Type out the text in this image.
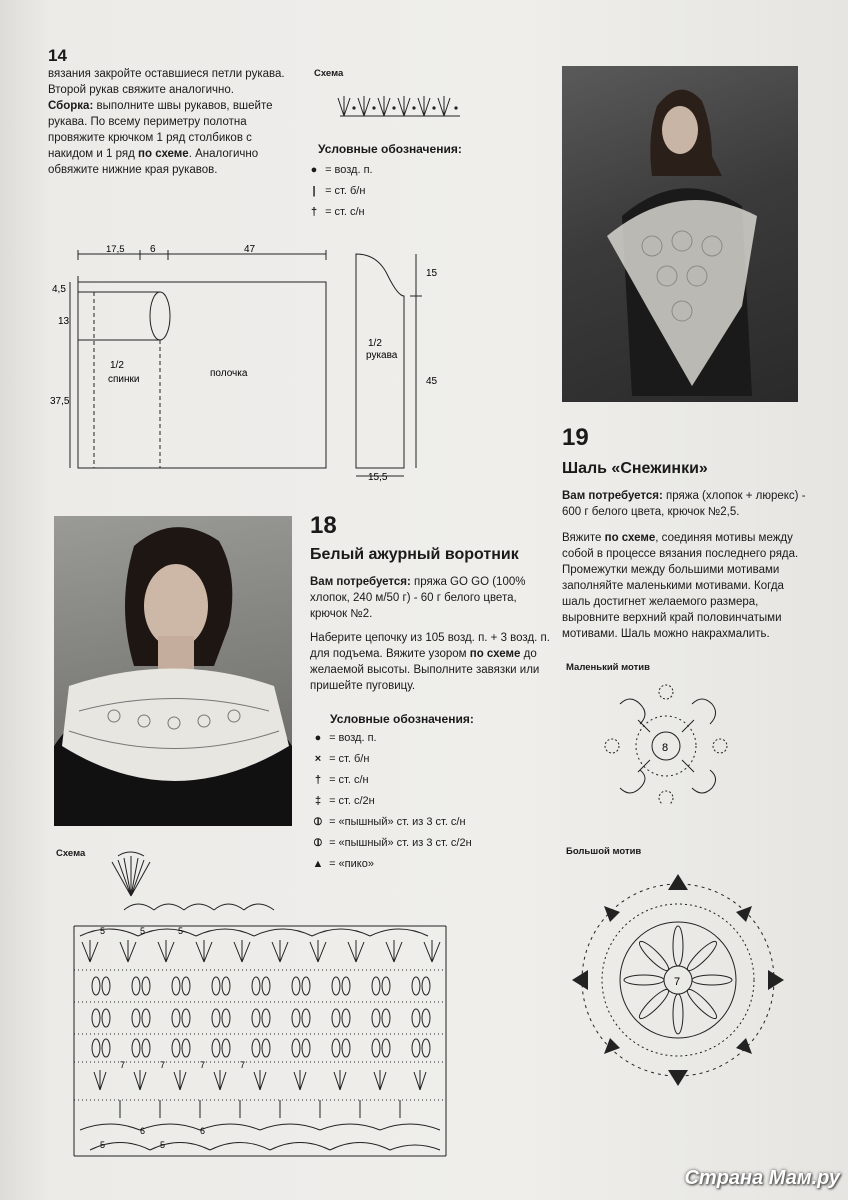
14
вязания закройте оставшиеся петли рукава. Второй рукав свяжите аналогично.
Сборка: выполните швы рукавов, вшейте рукава. По всему периметру полотна провяжите крючком 1 ряд столбиков с накидом и 1 ряд по схеме. Аналогично обвяжите нижние края рукавов.
Схема
Условные обозначения:
● = возд. п.
| = ст. б/н
† = ст. с/н
17,5	6	47
4,5
13
37,5
15
45
15,5
1/2
спинки
полочка
1/2
рукава
19
Шаль «Снежинки»
Вам потребуется: пряжа (хлопок + люрекс) - 600 г белого цвета, крючок №2,5.
Вяжите по схеме, соединяя мотивы между собой в процессе вязания последнего ряда. Промежутки между большими мотивами заполняйте маленькими мотивами. Когда шаль достигнет желаемого размера, выровните верхний край половинчатыми мотивами. Шаль можно накрахмалить.
Маленький мотив
8
Большой мотив
7
18
Белый ажурный воротник
Вам потребуется: пряжа GO GO (100% хлопок, 240 м/50 г) - 60 г белого цвета, крючок №2.
Наберите цепочку из 105 возд. п. + 3 возд. п. для подъема. Вяжите узором по схеме до желаемой высоты. Выполните завязки или пришейте пуговицу.
Условные обозначения:
● = возд. п.
× = ст. б/н
† = ст. с/н
‡ = ст. с/2н
⦶ = «пышный» ст. из 3 ст. с/н
⦶ = «пышный» ст. из 3 ст. с/2н
▲ = «пико»
Схема
5	5	5
7	7	7	7
6	6
5	5
Страна Мам.ру
